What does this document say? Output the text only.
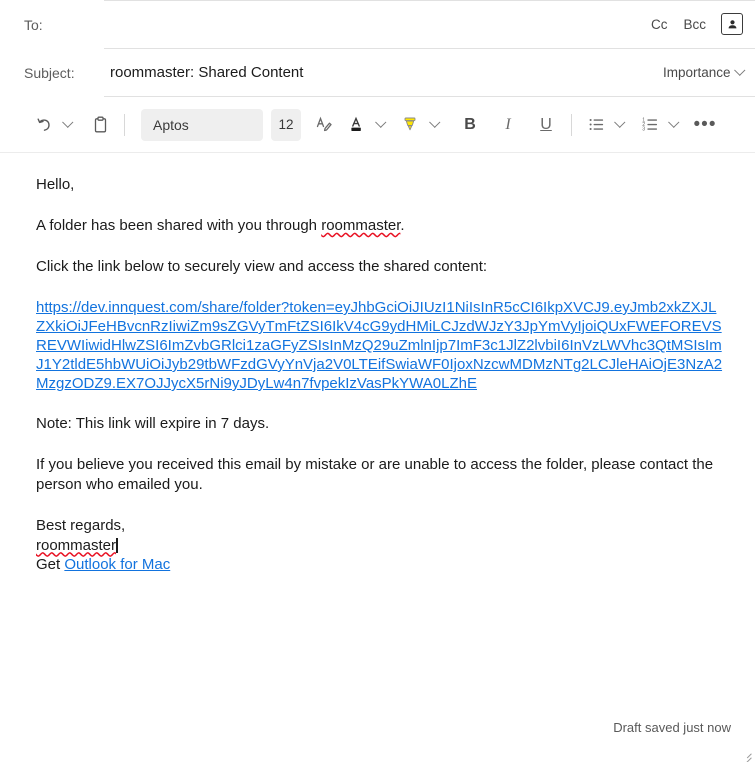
To:	Cc Bcc
Subject:
roommaster: Shared Content	Importance
Aptos	12	B I U	1
2
3	•••

Hello,

A folder has been shared with you through roommaster.

Click the link below to securely view and access the shared content:

https://dev.innquest.com/share/folder?token=eyJhbGciOiJIUzI1NiIsInR5cCI6IkpXVCJ9.eyJmb2xkZXJLZXkiOiJFeHBvcnRzIiwiZm9sZGVyTmFtZSI6IkV4cG9ydHMiLCJzdWJzY3JpYmVyIjoiQUxFWEFOREVSREVWIiwidHlwZSI6ImZvbGRlci1zaGFyZSIsInMzQ29uZmlnIjp7ImF3c1JlZ2lvbiI6InVzLWVhc3QtMSIsImJ1Y2tldE5hbWUiOiJyb29tbWFzdGVyYnVja2V0LTEifSwiaWF0IjoxNzcwMDMzNTg2LCJleHAiOjE3NzA2MzgzODZ9.EX7OJJycX5rNi9yJDyLw4n7fvpekIzVasPkYWA0LZhE

Note: This link will expire in 7 days.

If you believe you received this email by mistake or are unable to access the folder, please contact the person who emailed you.

Best regards,
roommaster
Get Outlook for Mac
Draft saved just now
